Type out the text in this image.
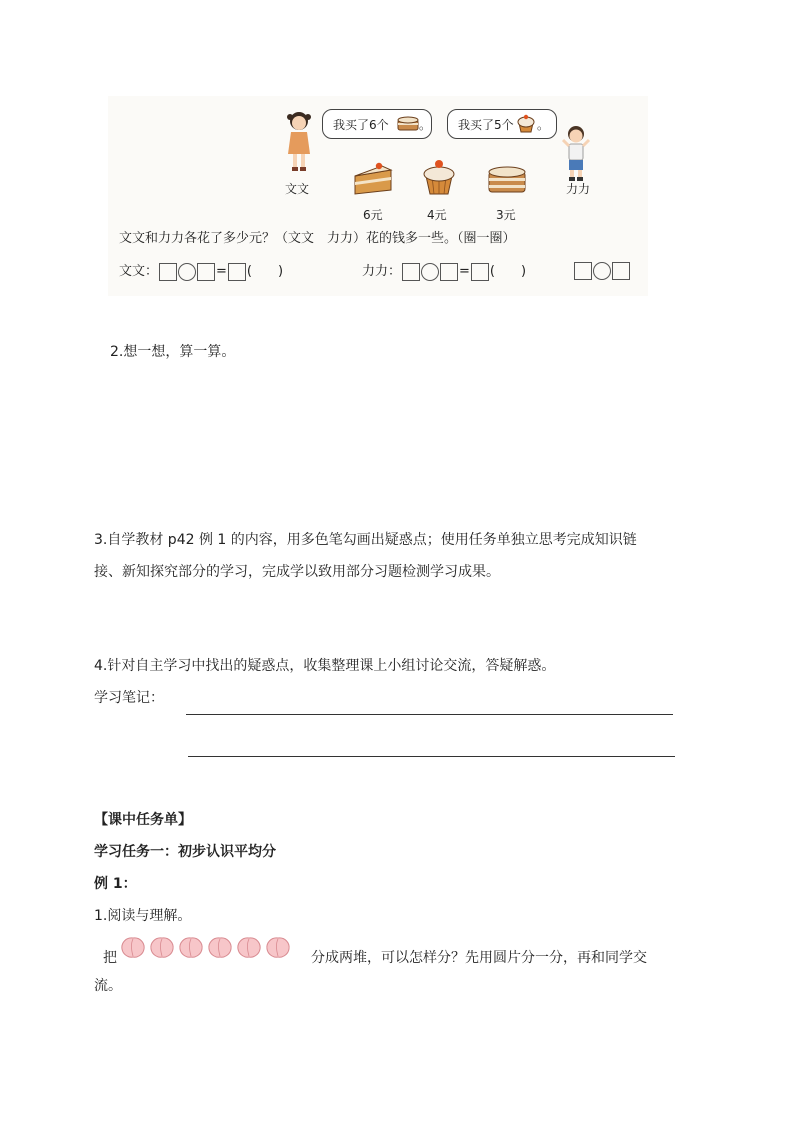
我买了6个	。	我买了5个	。
文文	力力
6元	4元	3元
文文和力力各花了多少元？（文文　力力）花的钱多一些。（圈一圈）
文文：	= (　　)	力力：	= (　　)
2.想一想，算一算。
3.自学教材 p42 例 1 的内容，用多色笔勾画出疑惑点；使用任务单独立思考完成知识链
接、新知探究部分的学习，完成学以致用部分习题检测学习成果。
4.针对自主学习中找出的疑惑点，收集整理课上小组讨论交流，答疑解惑。
学习笔记：
【课中任务单】
学习任务一：初步认识平均分
例 1：
1.阅读与理解。
把	分成两堆，可以怎样分？先用圆片分一分，再和同学交
流。
